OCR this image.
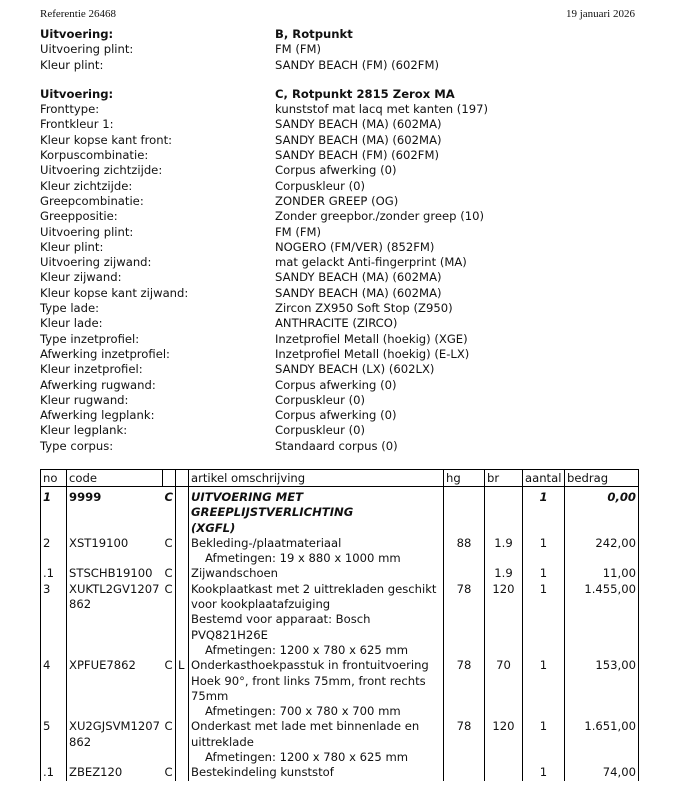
Referentie 26468	19 januari 2026
Uitvoering:	B, Rotpunkt
Uitvoering plint:	FM (FM)
Kleur plint:	SANDY BEACH (FM) (602FM)
Uitvoering:	C, Rotpunkt 2815 Zerox MA
Fronttype:	kunststof mat lacq met kanten (197)
Frontkleur 1:	SANDY BEACH (MA) (602MA)
Kleur kopse kant front:	SANDY BEACH (MA) (602MA)
Korpuscombinatie:	SANDY BEACH (FM) (602FM)
Uitvoering zichtzijde:	Corpus afwerking (0)
Kleur zichtzijde:	Corpuskleur (0)
Greepcombinatie:	ZONDER GREEP (OG)
Greeppositie:	Zonder greepbor./zonder greep (10)
Uitvoering plint:	FM (FM)
Kleur plint:	NOGERO (FM/VER) (852FM)
Uitvoering zijwand:	mat gelackt Anti-fingerprint (MA)
Kleur zijwand:	SANDY BEACH (MA) (602MA)
Kleur kopse kant zijwand:	SANDY BEACH (MA) (602MA)
Type lade:	Zircon ZX950 Soft Stop (Z950)
Kleur lade:	ANTHRACITE (ZIRCO)
Type inzetprofiel:	Inzetprofiel Metall (hoekig) (XGE)
Afwerking inzetprofiel:	Inzetprofiel Metall (hoekig) (E-LX)
Kleur inzetprofiel:	SANDY BEACH (LX) (602LX)
Afwerking rugwand:	Corpus afwerking (0)
Kleur rugwand:	Corpuskleur (0)
Afwerking legplank:	Corpus afwerking (0)
Kleur legplank:	Corpuskleur (0)
Type corpus:	Standaard corpus (0)
no	code			artikel omschrijving	hg	br	aantal	bedrag
1	9999	C		UITVOERING MET GREEPLIJSTVERLICHTING
(XGFL)			1	0,00
2	XST19100	C		Bekleding-/plaatmateriaal
Afmetingen: 19 x 880 x 1000 mm	88	1.9	1	242,00
.1	STSCHB19100	C		Zijwandschoen		1.9	1	11,00
3	XUKTL2GV1207862	C		Kookplaatkast met 2 uittrekladen geschikt
voor kookplaatafzuiging
Bestemd voor apparaat: Bosch PVQ821H26E
Afmetingen: 1200 x 780 x 625 mm	78	120	1	1.455,00
4	XPFUE7862	C	L	Onderkasthoekpasstuk in frontuitvoering
Hoek 90°, front links 75mm, front rechts
75mm
Afmetingen: 700 x 780 x 700 mm	78	70	1	153,00
5	XU2GJSVM1207862	C		Onderkast met lade met binnenlade en
uittreklade
Afmetingen: 1200 x 780 x 625 mm	78	120	1	1.651,00
.1	ZBEZ120	C		Bestekindeling kunststof			1	74,00
